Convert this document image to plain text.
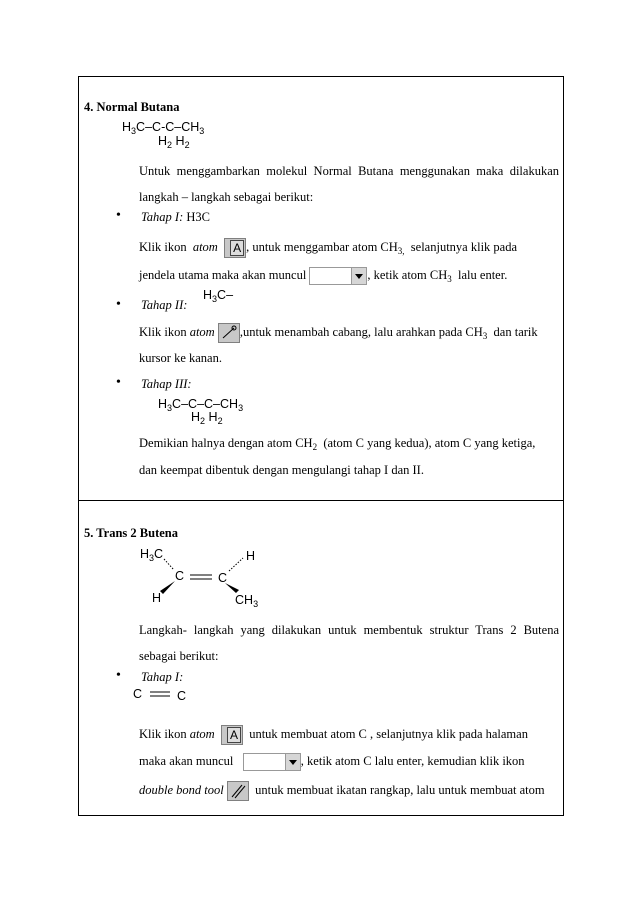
4. Normal Butana
$H_3C-C-C-CH_3$
$H_2$ $H_2$
Untuk menggambarkan molekul Normal Butana menggunakan maka dilakukan
langkah – langkah sebagai berikut:
• Tahap I: H3C
Klik ikon atom A , untuk menggambar atom $CH_{3,}$ selanjutnya klik pada
jendela utama maka akan muncul	, ketik atom $CH_3$ lalu enter.
$H_3C-$
• Tahap II:
Klik ikon atom ,untuk menambah cabang, lalu arahkan pada $CH_3$ dan tarik
kursor ke kanan.
• Tahap III:
$H_3C-C-C-CH_3$
$H_2$ $H_2$
Demikian halnya dengan atom $CH_2$ (atom C yang kedua), atom C yang ketiga,
dan keempat dibentuk dengan mengulangi tahap I dan II.
5. Trans 2 Butena
$H_3C$	H
C	C
H	$CH_3$
Langkah- langkah yang dilakukan untuk membentuk struktur Trans 2 Butena
sebagai berikut:
• Tahap I:
C	C
Klik ikon atom A	untuk membuat atom C , selanjutnya klik pada halaman
maka akan muncul	, ketik atom C lalu enter, kemudian klik ikon
double bond tool	untuk membuat ikatan rangkap, lalu untuk membuat atom
